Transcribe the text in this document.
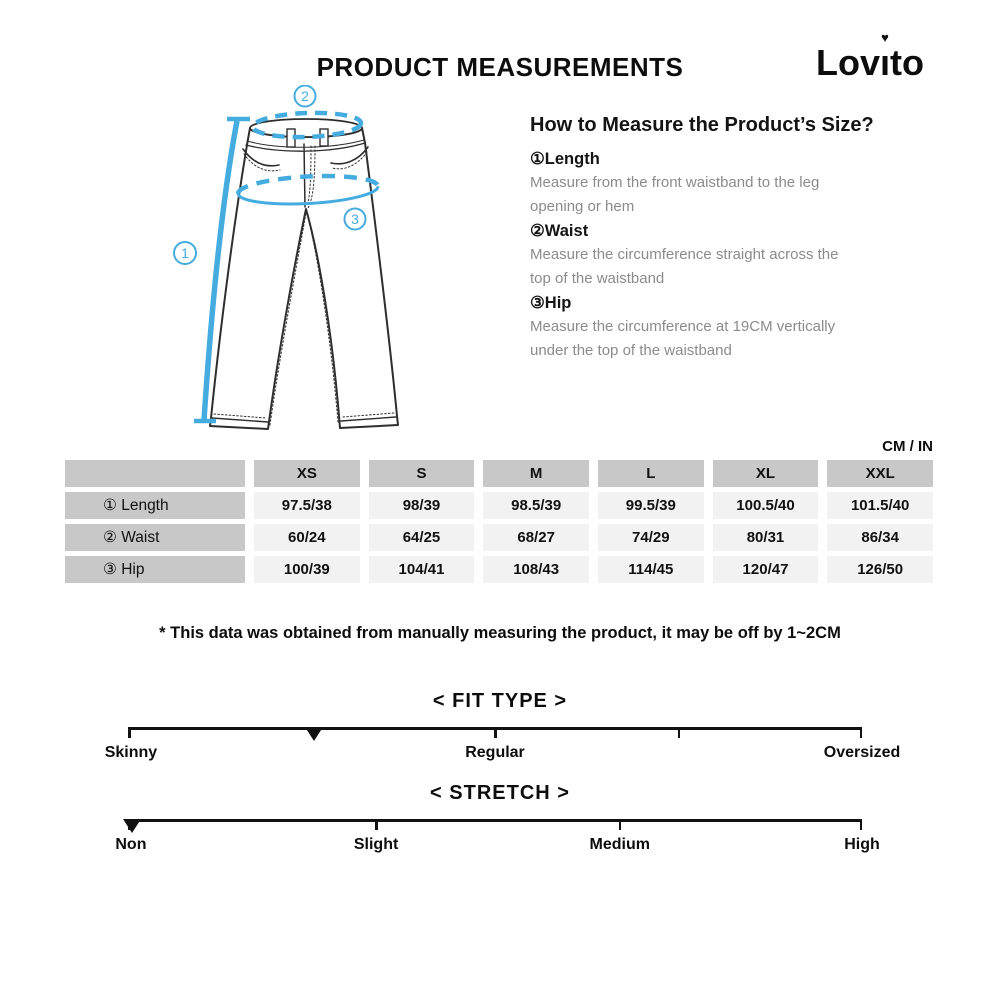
PRODUCT MEASUREMENTS	Lovı
♥
to
1
2
3
How to Measure the Product’s Size?
①Length
Measure from the front waistband to the leg
opening or hem
②Waist
Measure the circumference straight across the
top of the waistband
③Hip
Measure the circumference at 19CM vertically
under the top of the waistband
CM / IN
XS	S	M	L	XL	XXL
① Length	97.5/38	98/39	98.5/39	99.5/39	100.5/40	101.5/40
② Waist	60/24	64/25	68/27	74/29	80/31	86/34
③ Hip	100/39	104/41	108/43	114/45	120/47	126/50
* This data was obtained from manually measuring the product, it may be off by 1~2CM
< FIT TYPE >
Skinny	Regular	Oversized
< STRETCH >
Non	Slight	Medium	High
